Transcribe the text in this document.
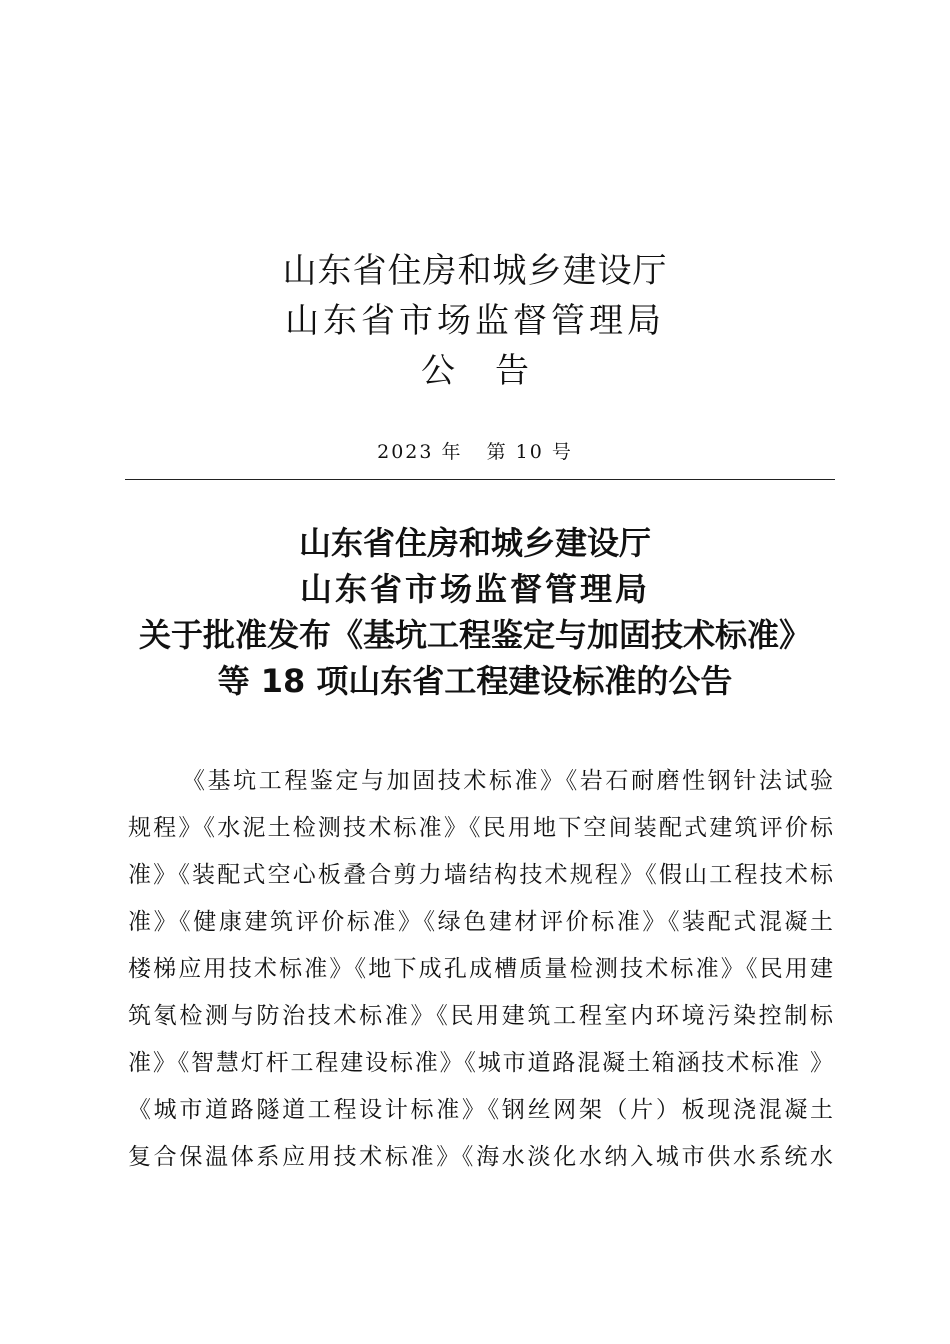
山东省住房和城乡建设厅
山东省市场监督管理局
公告
2023 年   第 10 号
山东省住房和城乡建设厅
山东省市场监督管理局
关于批准发布《基坑工程鉴定与加固技术标准》
等 18 项山东省工程建设标准的公告
《基坑工程鉴定与加固技术标准》《岩石耐磨性钢针法试验
规程》《水泥土检测技术标准》《民用地下空间装配式建筑评价标
准》《装配式空心板叠合剪力墙结构技术规程》《假山工程技术标
准》《健康建筑评价标准》《绿色建材评价标准》《装配式混凝土
楼梯应用技术标准》《地下成孔成槽质量检测技术标准》《民用建
筑氡检测与防治技术标准》《民用建筑工程室内环境污染控制标
准》《智慧灯杆工程建设标准》《城市道路混凝土箱涵技术标准 》
《城市道路隧道工程设计标准》《钢丝网架（片）板现浇混凝土
复合保温体系应用技术标准》《海水淡化水纳入城市供水系统水
